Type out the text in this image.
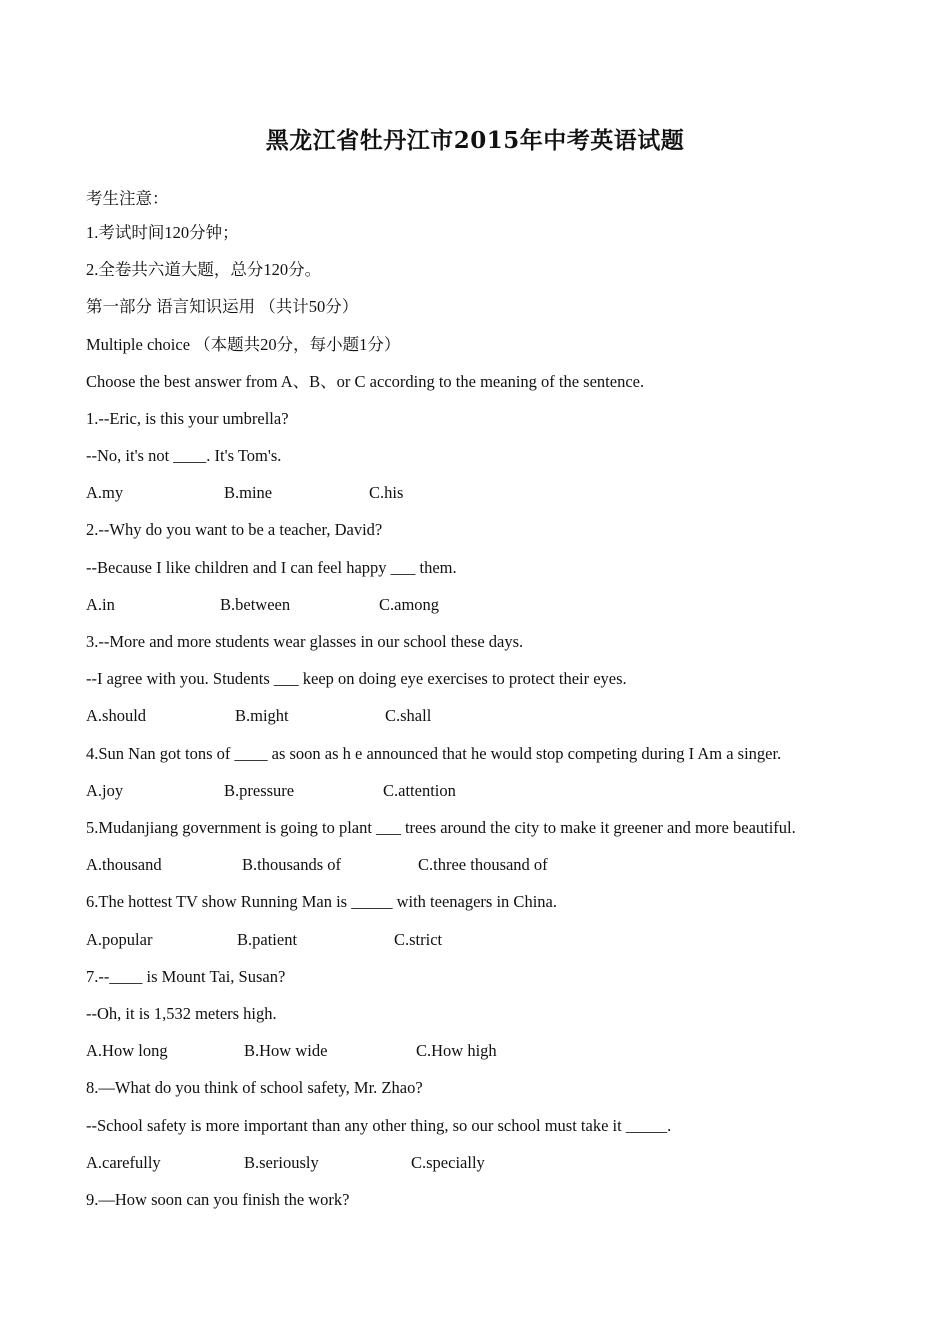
黑龙江省牡丹江市2015年中考英语试题
考生注意：
1.考试时间120分钟；
2.全卷共六道大题，总分120分。
第一部分 语言知识运用 （共计50分）
Multiple choice （本题共20分，每小题1分）
Choose the best answer from A、B、or C according to the meaning of the sentence.
1.--Eric, is this your umbrella?
--No, it's not ____. It's Tom's.
A.my	B.mine	C.his
2.--Why do you want to be a teacher, David?
--Because I like children and I can feel happy ___ them.
A.in	B.between	C.among
3.--More and more students wear glasses in our school these days.
--I agree with you. Students ___ keep on doing eye exercises to protect their eyes.
A.should	B.might	C.shall
4.Sun Nan got tons of ____ as soon as h e announced that he would stop competing during I Am a singer.
A.joy	B.pressure	C.attention
5.Mudanjiang government is going to plant ___ trees around the city to make it greener and more beautiful.
A.thousand	B.thousands of	C.three thousand of
6.The hottest TV show Running Man is _____ with teenagers in China.
A.popular	B.patient	C.strict
7.--____ is Mount Tai, Susan?
--Oh, it is 1,532 meters high.
A.How long	B.How wide	C.How high
8.—What do you think of school safety, Mr. Zhao?
--School safety is more important than any other thing, so our school must take it _____.
A.carefully	B.seriously	C.specially
9.—How soon can you finish the work?
